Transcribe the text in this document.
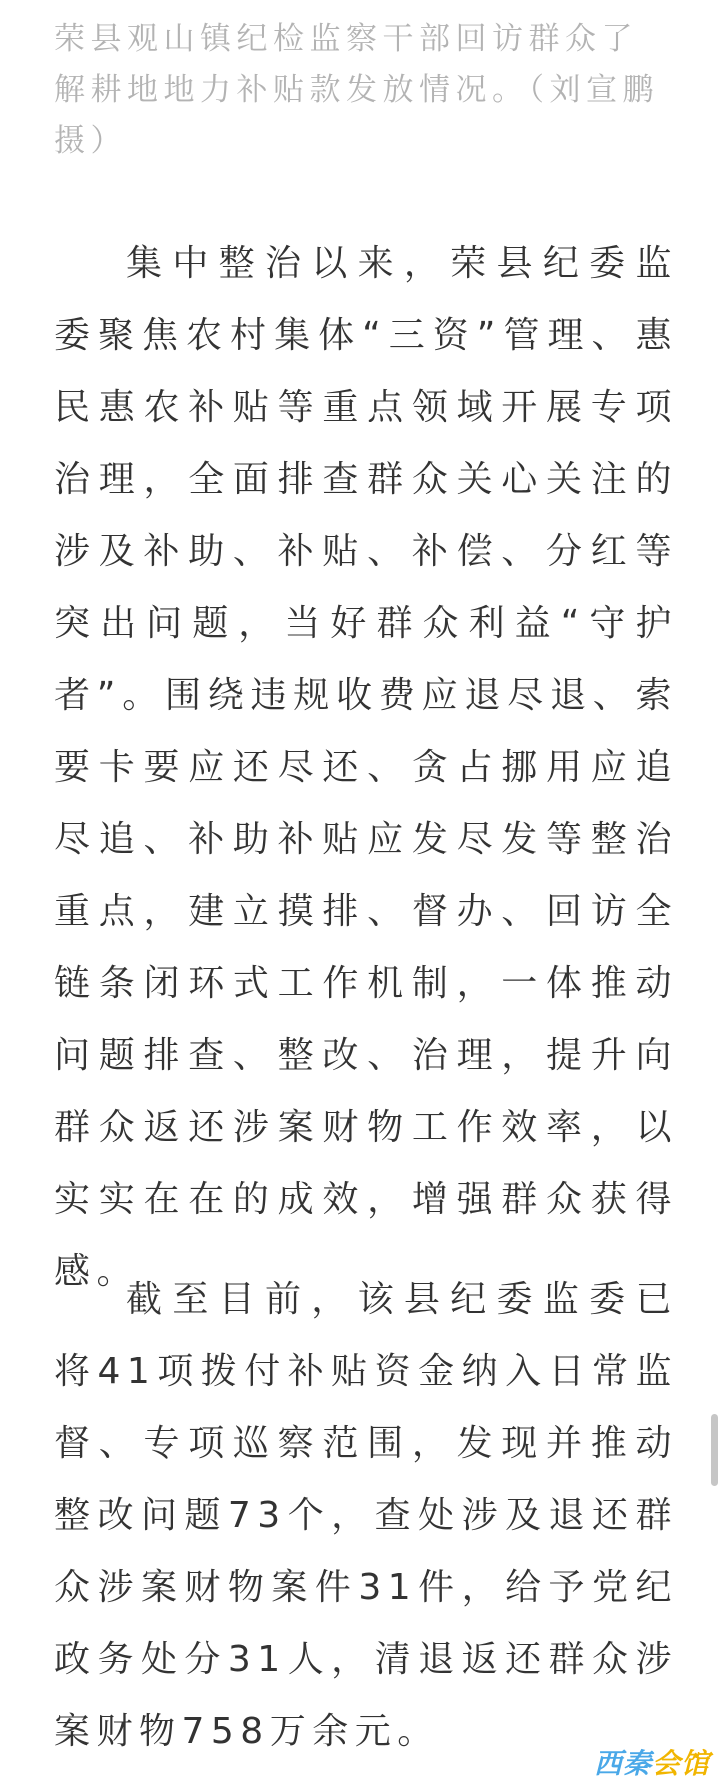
荣县观山镇纪检监察干部回访群众了解耕地地力补贴款发放情况。（刘宣鹏摄）

集中整治以来，荣县纪委监委聚焦农村集体“三资”管理、惠民惠农补贴等重点领域开展专项治理，全面排查群众关心关注的涉及补助、补贴、补偿、分红等突出问题，当好群众利益“守护者”。围绕违规收费应退尽退、索要卡要应还尽还、贪占挪用应追尽追、补助补贴应发尽发等整治重点，建立摸排、督办、回访全链条闭环式工作机制，一体推动问题排查、整改、治理，提升向群众返还涉案财物工作效率，以实实在在的成效，增强群众获得感。

截至目前，该县纪委监委已将41项拨付补贴资金纳入日常监督、专项巡察范围，发现并推动整改问题73个，查处涉及退还群众涉案财物案件31件，给予党纪政务处分31人，清退返还群众涉案财物758万余元。

西秦 会馆
